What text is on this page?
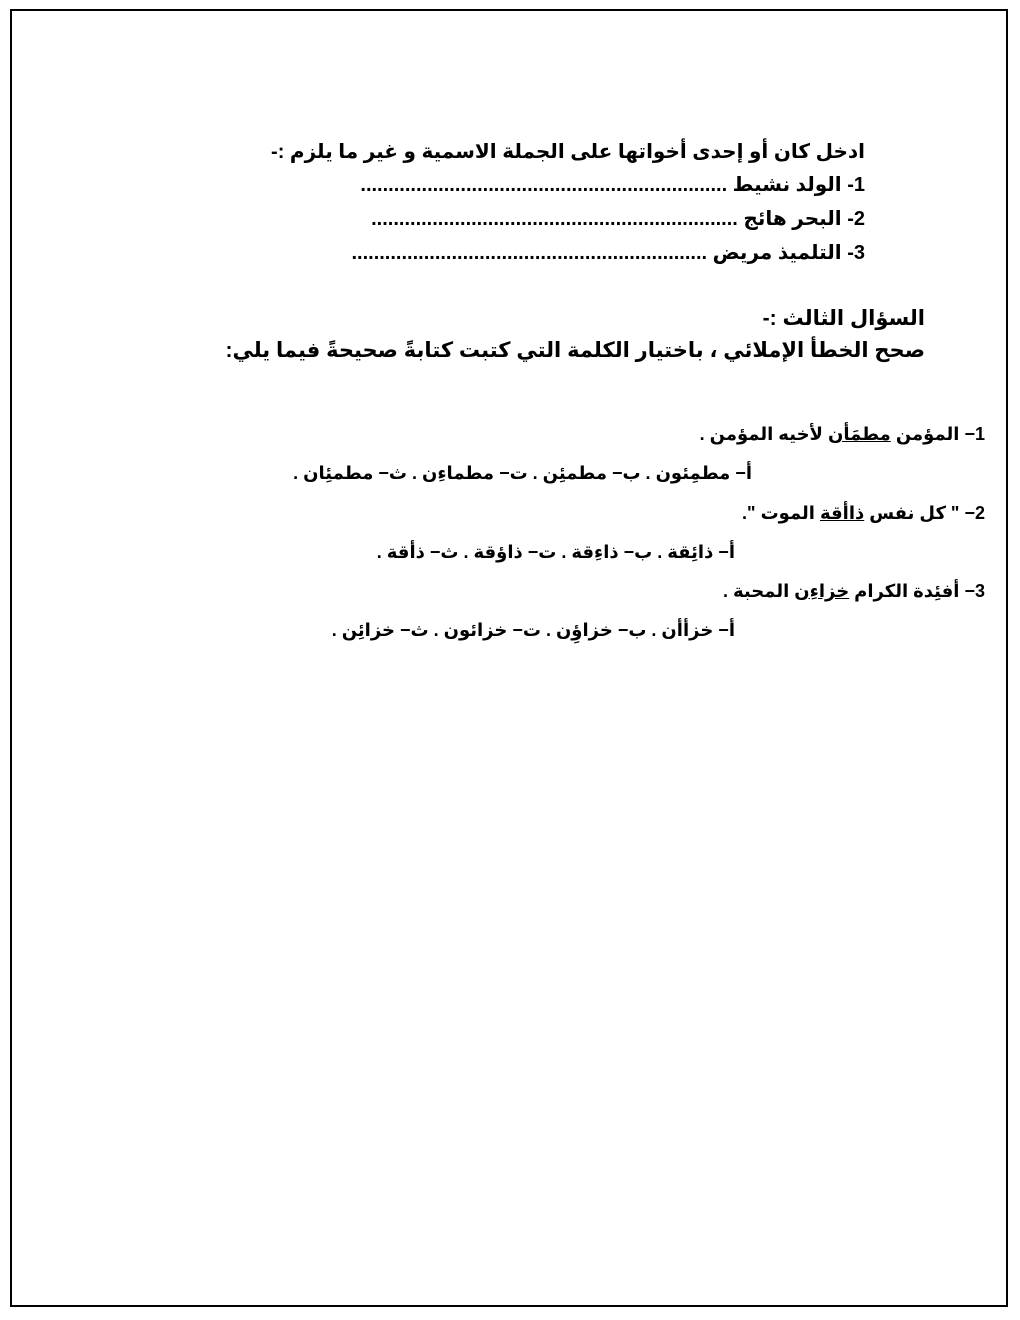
ادخل كان أو إحدى أخواتها على الجملة الاسمية و غير ما يلزم :-
1- الولد نشيط ..................................................................
2- البحر هائج ..................................................................
3- التلميذ مريض ................................................................
السؤال الثالث :-
صحح الخطأ الإملائي ، باختيار الكلمة التي كتبت كتابةً صحيحةً فيما يلي:
1− المؤمن مطمَأن لأخيه المؤمن .
أ− مطمِئون . ب− مطمئِن . ت− مطماءِن . ث− مطمئِان .
2− " كل نفس ذاأقة الموت ".
أ− ذائِقة . ب− ذاءِقة . ت− ذاؤقة . ث− ذأقة .
3− أفئِدة الكرام خزاءِن المحبة .
أ− خزأأن . ب− خزاؤِن . ت− خزائون . ث− خزائِن .
